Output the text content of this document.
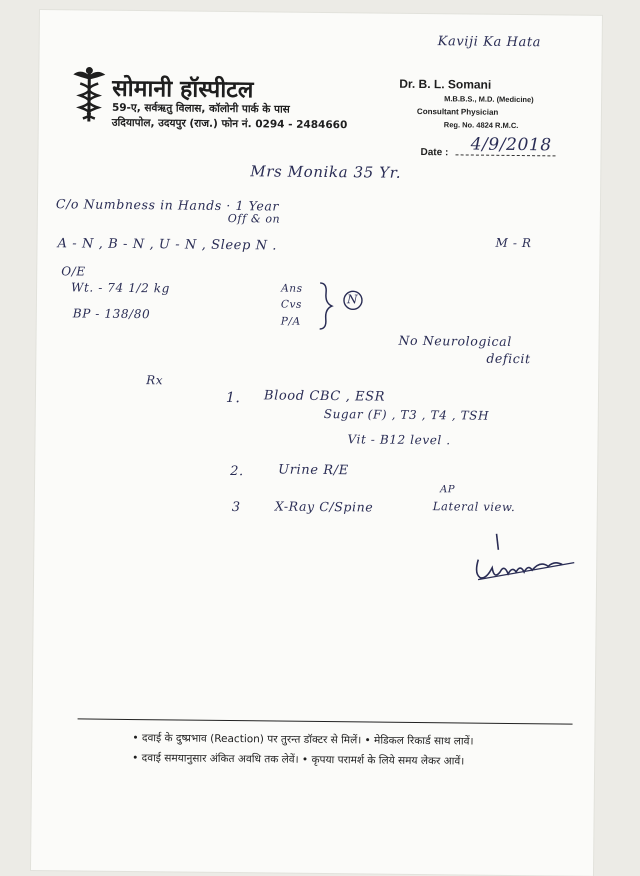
Kaviji Ka Hata
सोमानी हॉस्पीटल
59-ए, सर्वऋतु विलास, कॉलोनी पार्क के पास
उदियापोल, उदयपुर (राज.) फोन नं. 0294 - 2484660
Dr. B. L. Somani
M.B.B.S., M.D. (Medicine)
Consultant Physician
Reg. No. 4824 R.M.C.
Date : 4/9/2018
Mrs Monika 35 Yr.
C/o Numbness in Hands · 1 Year
Off & on
A - N , B - N , U - N , Sleep N .	M - R
O/E
Wt. - 74 1/2 kg
BP - 138/80
Ans
Cvs
P/A
N
No Neurological
deficit
Rx
1. Blood CBC , ESR
Sugar (F) , T3 , T4 , TSH
Vit - B12 level .
2.	Urine R/E
3	X-Ray C/Spine
AP
Lateral view.
• दवाई के दुष्प्रभाव (Reaction) पर तुरन्त डॉक्टर से मिलें। • मेडिकल रिकार्ड साथ लावें।
• दवाई समयानुसार अंकित अवधि तक लेवें। • कृपया परामर्श के लिये समय लेकर आवें।
